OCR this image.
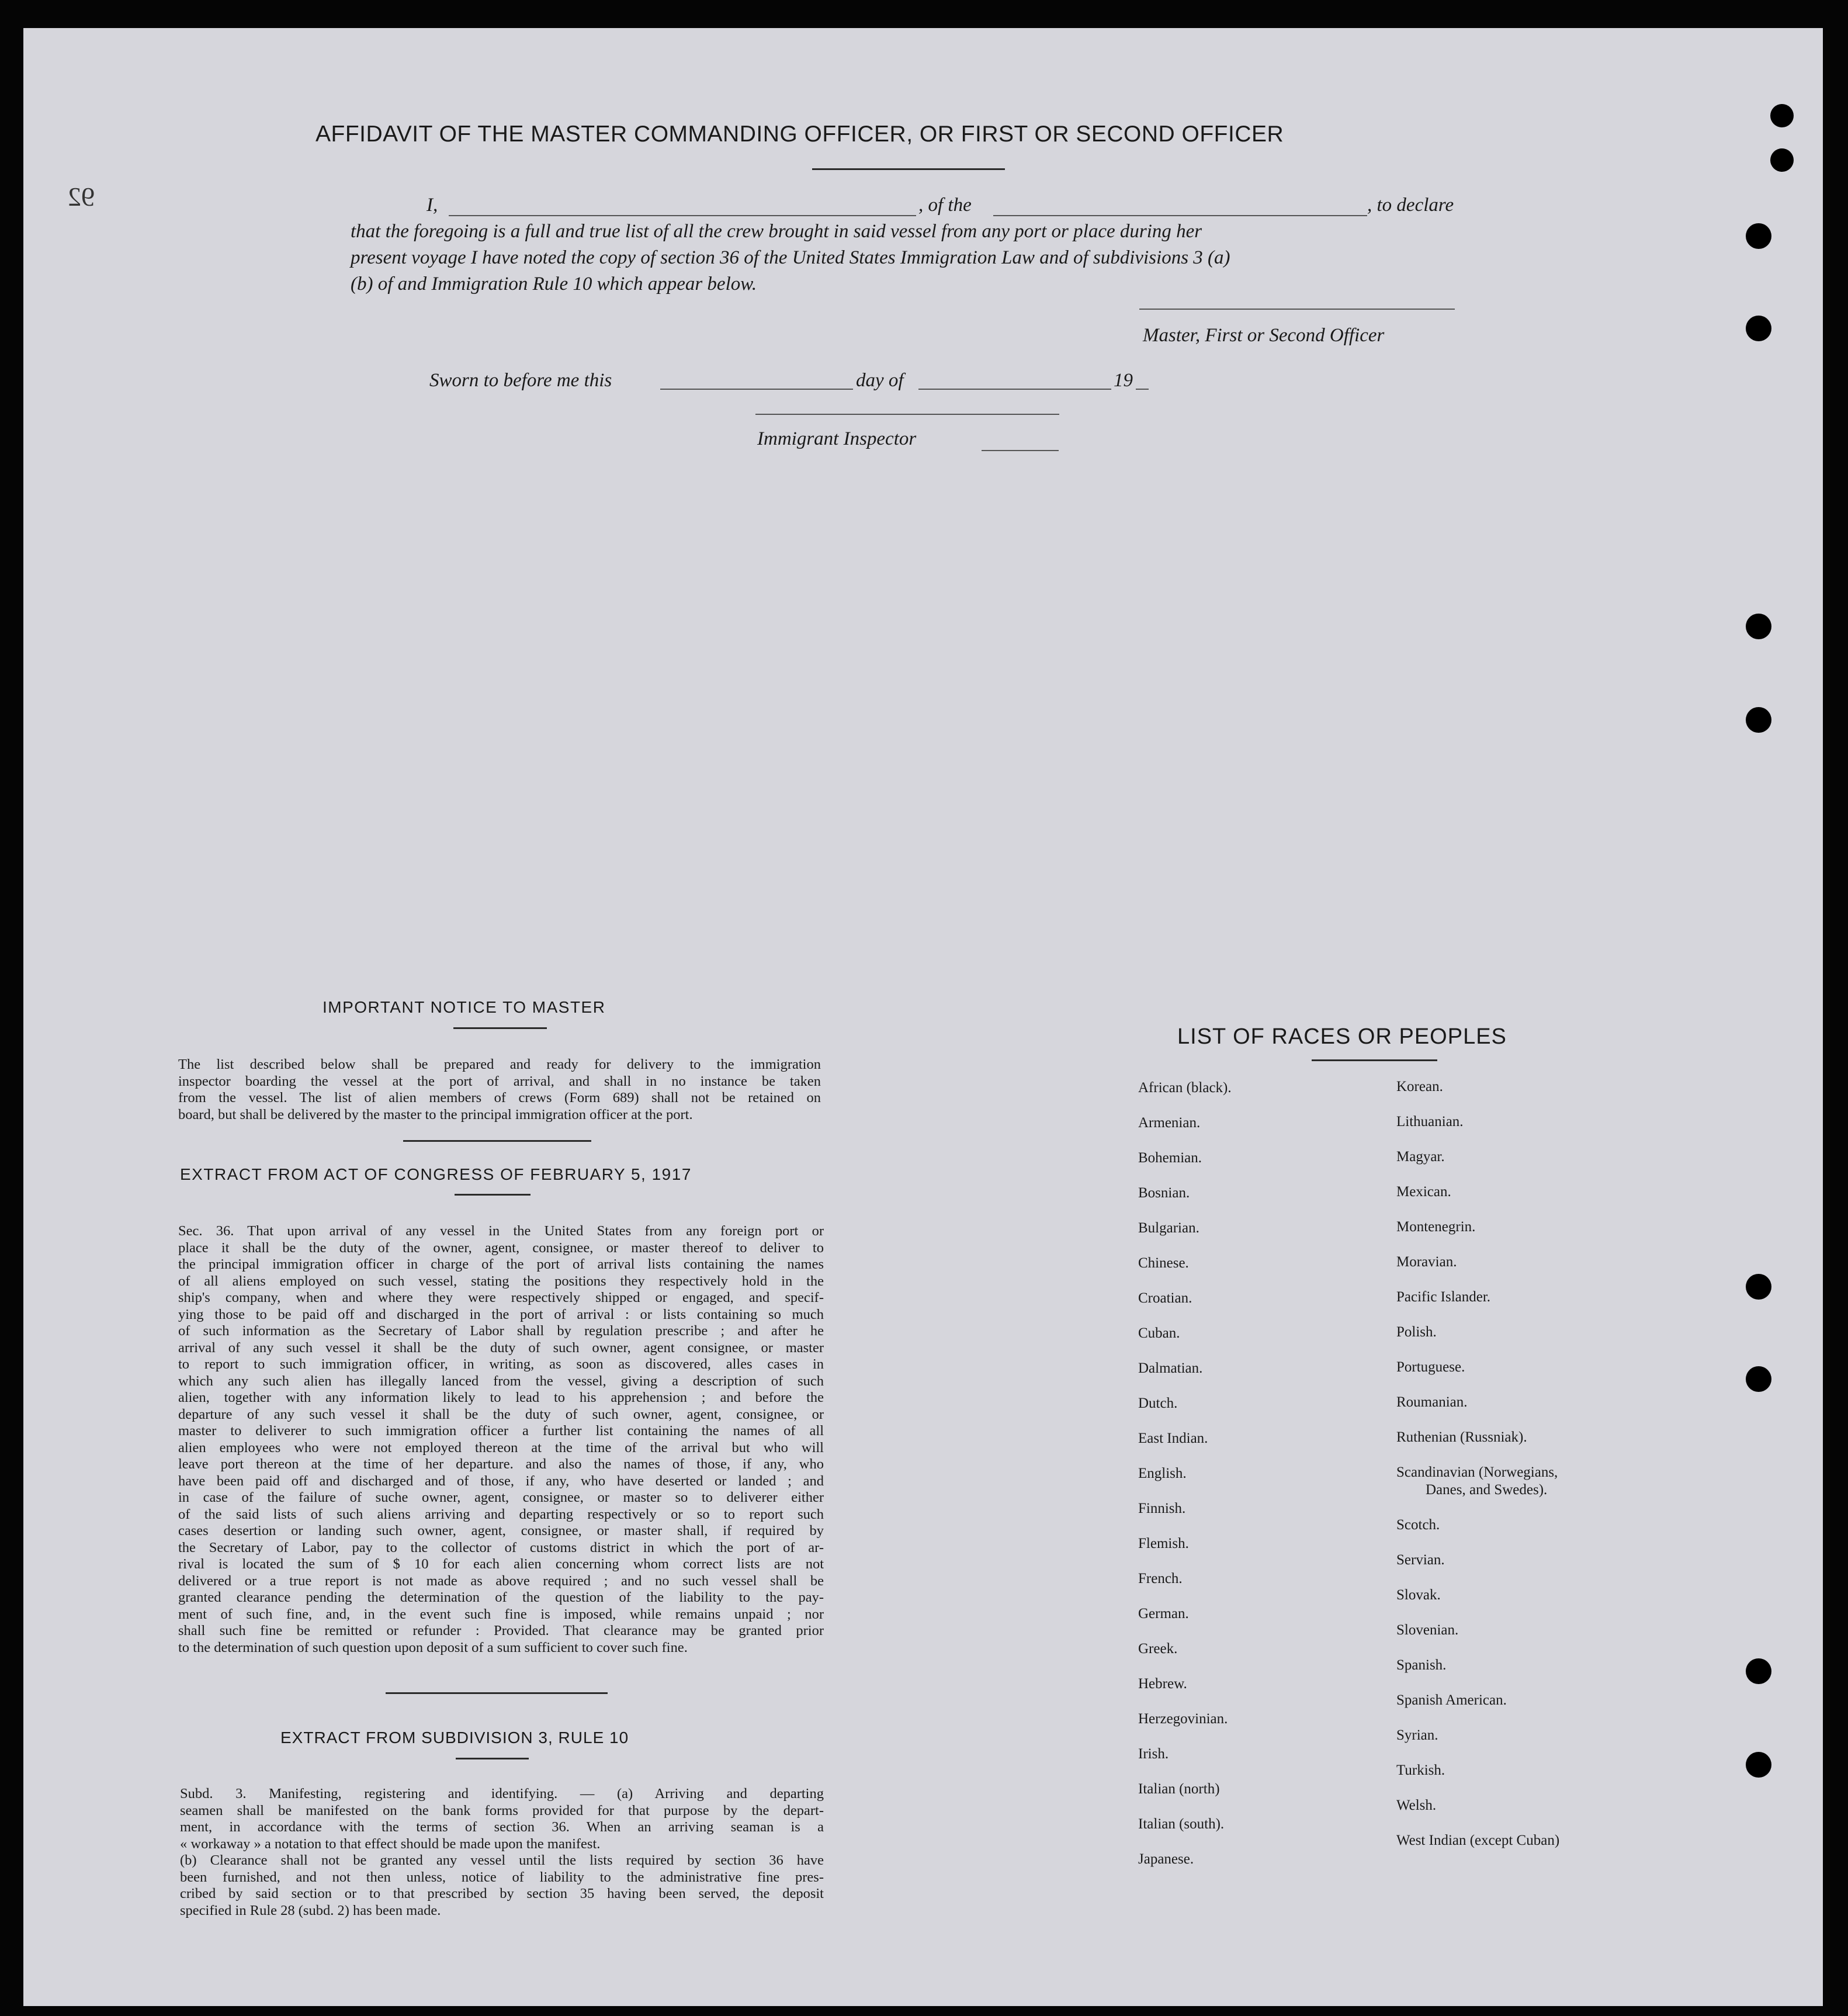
92
AFFIDAVIT OF THE MASTER COMMANDING OFFICER, OR FIRST OR SECOND OFFICER
I,	, of the	, to declare
that the foregoing is a full and true list of all the crew brought in said vessel from any port or place during her
present voyage I have noted the copy of section 36 of the United States Immigration Law and of subdivisions 3 (a)
(b) of and Immigration Rule 10 which appear below.
Master, First or Second Officer
Sworn to before me this	day of	19
Immigrant Inspector
IMPORTANT NOTICE TO MASTER
The list described below shall be prepared and ready for delivery to the immigration
inspector boarding the vessel at the port of arrival, and shall in no instance be taken
from the vessel. The list of alien members of crews (Form 689) shall not be retained on
board, but shall be delivered by the master to the principal immigration officer at the port.
EXTRACT FROM ACT OF CONGRESS OF FEBRUARY 5, 1917
Sec. 36. That upon arrival of any vessel in the United States from any foreign port or
place it shall be the duty of the owner, agent, consignee, or master thereof to deliver to
the principal immigration officer in charge of the port of arrival lists containing the names
of all aliens employed on such vessel, stating the positions they respectively hold in the
ship's company, when and where they were respectively shipped or engaged, and specif-
ying those to be paid off and discharged in the port of arrival : or lists containing so much
of such information as the Secretary of Labor shall by regulation prescribe ; and after he
arrival of any such vessel it shall be the duty of such owner, agent consignee, or master
to report to such immigration officer, in writing, as soon as discovered, alles cases in
which any such alien has illegally lanced from the vessel, giving a description of such
alien, together with any information likely to lead to his apprehension ; and before the
departure of any such vessel it shall be the duty of such owner, agent, consignee, or
master to deliverer to such immigration officer a further list containing the names of all
alien employees who were not employed thereon at the time of the arrival but who will
leave port thereon at the time of her departure. and also the names of those, if any, who
have been paid off and discharged and of those, if any, who have deserted or landed ; and
in case of the failure of suche owner, agent, consignee, or master so to deliverer either
of the said lists of such aliens arriving and departing respectively or so to report such
cases desertion or landing such owner, agent, consignee, or master shall, if required by
the Secretary of Labor, pay to the collector of customs district in which the port of ar-
rival is located the sum of $ 10 for each alien concerning whom correct lists are not
delivered or a true report is not made as above required ; and no such vessel shall be
granted clearance pending the determination of the question of the liability to the pay-
ment of such fine, and, in the event such fine is imposed, while remains unpaid ; nor
shall such fine be remitted or refunder : Provided. That clearance may be granted prior
to the determination of such question upon deposit of a sum sufficient to cover such fine.
EXTRACT FROM SUBDIVISION 3, RULE 10
Subd. 3. Manifesting, registering and identifying. — (a) Arriving and departing
seamen shall be manifested on the bank forms provided for that purpose by the depart-
ment, in accordance with the terms of section 36. When an arriving seaman is a
« workaway » a notation to that effect should be made upon the manifest.
(b) Clearance shall not be granted any vessel until the lists required by section 36 have
been furnished, and not then unless, notice of liability to the administrative fine pres-
cribed by said section or to that prescribed by section 35 having been served, the deposit
specified in Rule 28 (subd. 2) has been made.
LIST OF RACES OR PEOPLES
African (black).
Armenian.
Bohemian.
Bosnian.
Bulgarian.
Chinese.
Croatian.
Cuban.
Dalmatian.
Dutch.
East Indian.
English.
Finnish.
Flemish.
French.
German.
Greek.
Hebrew.
Herzegovinian.
Irish.
Italian (north)
Italian (south).
Japanese.
Korean.
Lithuanian.
Magyar.
Mexican.
Montenegrin.
Moravian.
Pacific Islander.
Polish.
Portuguese.
Roumanian.
Ruthenian (Russniak).
Scandinavian (Norwegians,
Danes, and Swedes).
Scotch.
Servian.
Slovak.
Slovenian.
Spanish.
Spanish American.
Syrian.
Turkish.
Welsh.
West Indian (except Cuban)
